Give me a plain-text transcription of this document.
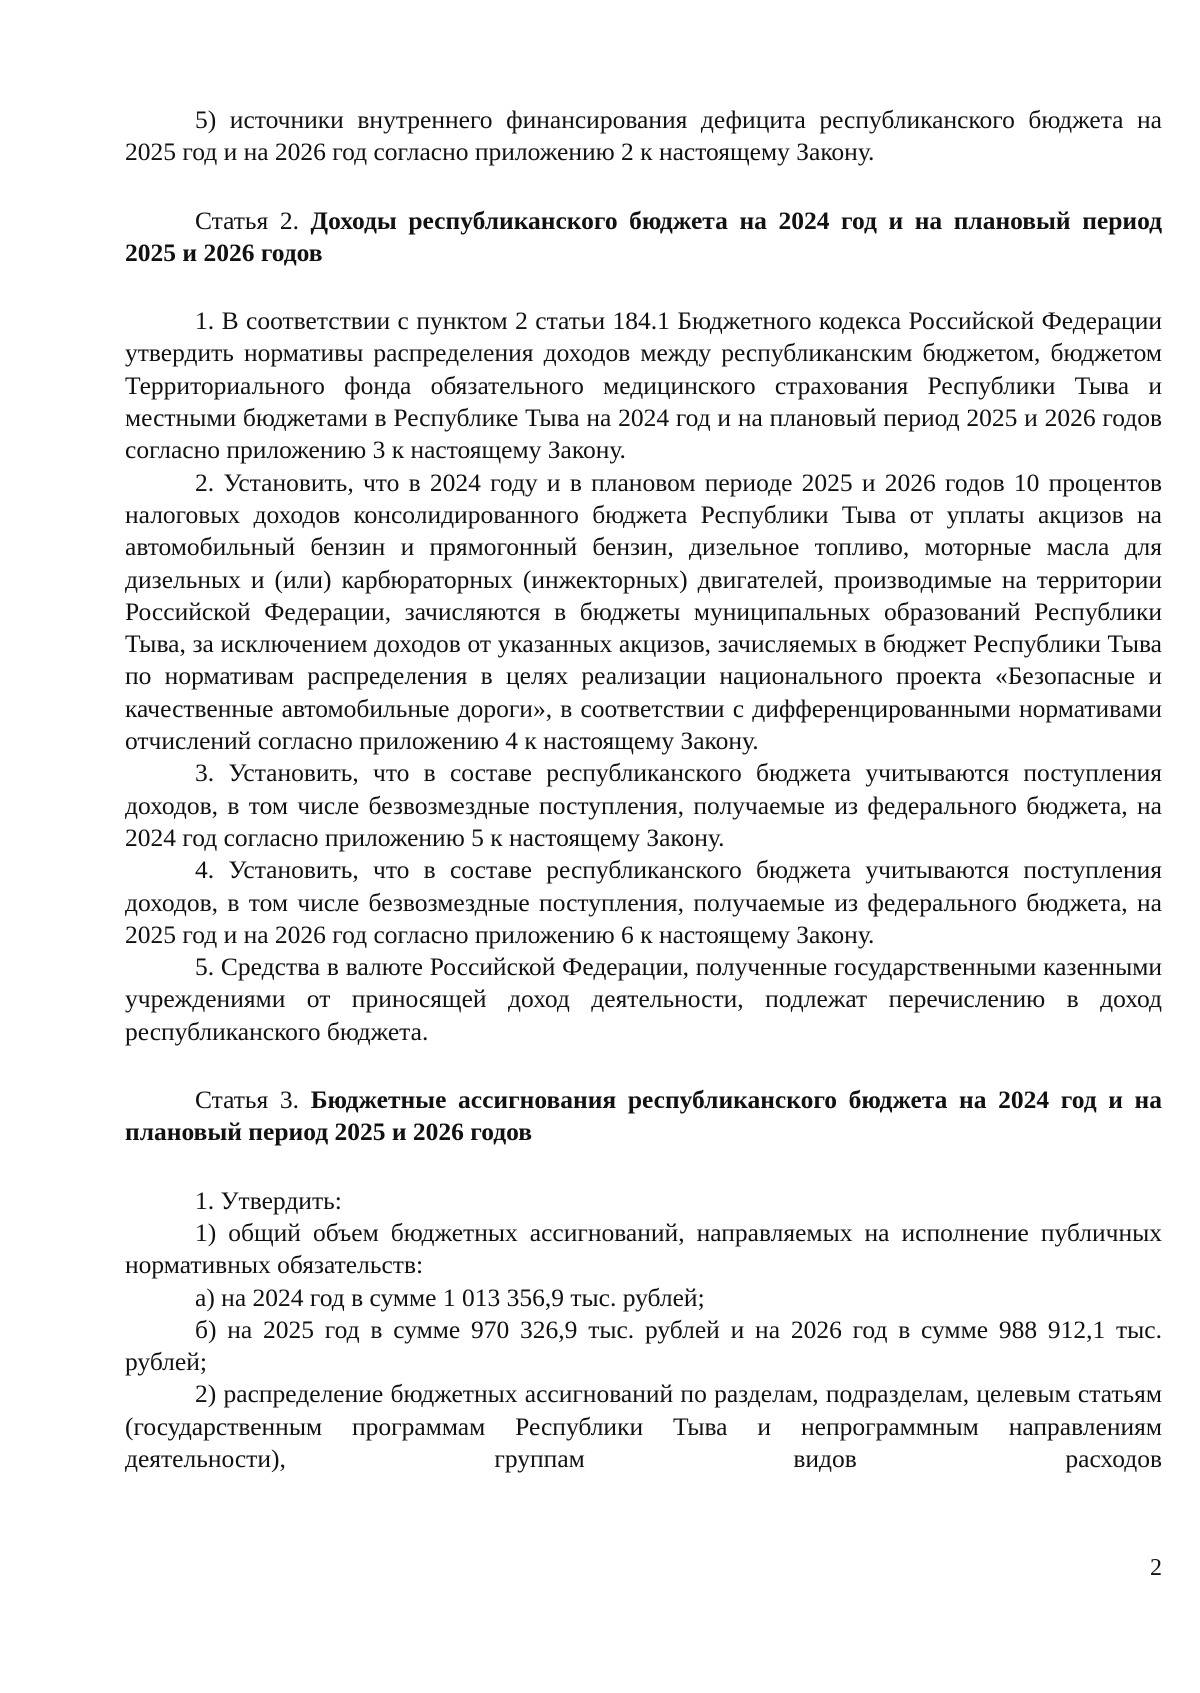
5) источники внутреннего финансирования дефицита республиканского бюджета на 2025 год и на 2026 год согласно приложению 2 к настоящему Закону.

Статья 2. Доходы республиканского бюджета на 2024 год и на плановый период 2025 и 2026 годов

1. В соответствии с пунктом 2 статьи 184.1 Бюджетного кодекса Российской Федерации утвердить нормативы распределения доходов между республиканским бюджетом, бюджетом Территориального фонда обязательного медицинского страхования Республики Тыва и местными бюджетами в Республике Тыва на 2024 год и на плановый период 2025 и 2026 годов согласно приложению 3 к настоящему Закону.

2. Установить, что в 2024 году и в плановом периоде 2025 и 2026 годов 10 процентов налоговых доходов консолидированного бюджета Республики Тыва от уплаты акцизов на автомобильный бензин и прямогонный бензин, дизельное топливо, моторные масла для дизельных и (или) карбюраторных (инжекторных) двигателей, производимые на территории Российской Федерации, зачисляются в бюджеты муниципальных образований Республики Тыва, за исключением доходов от указанных акцизов, зачисляемых в бюджет Республики Тыва по нормативам распределения в целях реализации национального проекта «Безопасные и качественные автомобильные дороги», в соответствии с дифференцированными нормативами отчислений согласно приложению 4 к настоящему Закону.

3. Установить, что в составе республиканского бюджета учитываются поступления доходов, в том числе безвозмездные поступления, получаемые из федерального бюджета, на 2024 год согласно приложению 5 к настоящему Закону.

4. Установить, что в составе республиканского бюджета учитываются поступления доходов, в том числе безвозмездные поступления, получаемые из федерального бюджета, на 2025 год и на 2026 год согласно приложению 6 к настоящему Закону.

5. Средства в валюте Российской Федерации, полученные государственными казенными учреждениями от приносящей доход деятельности, подлежат перечислению в доход республиканского бюджета.

Статья 3. Бюджетные ассигнования республиканского бюджета на 2024 год и на плановый период 2025 и 2026 годов

1. Утвердить:

1) общий объем бюджетных ассигнований, направляемых на исполнение публичных нормативных обязательств:

а) на 2024 год в сумме 1 013 356,9 тыс. рублей;

б) на 2025 год в сумме 970 326,9 тыс. рублей и на 2026 год в сумме 988 912,1 тыс. рублей;

2) распределение бюджетных ассигнований по разделам, подразделам, целевым статьям (государственным программам Республики Тыва и непрограммным направлениям деятельности), группам видов расходов

2
